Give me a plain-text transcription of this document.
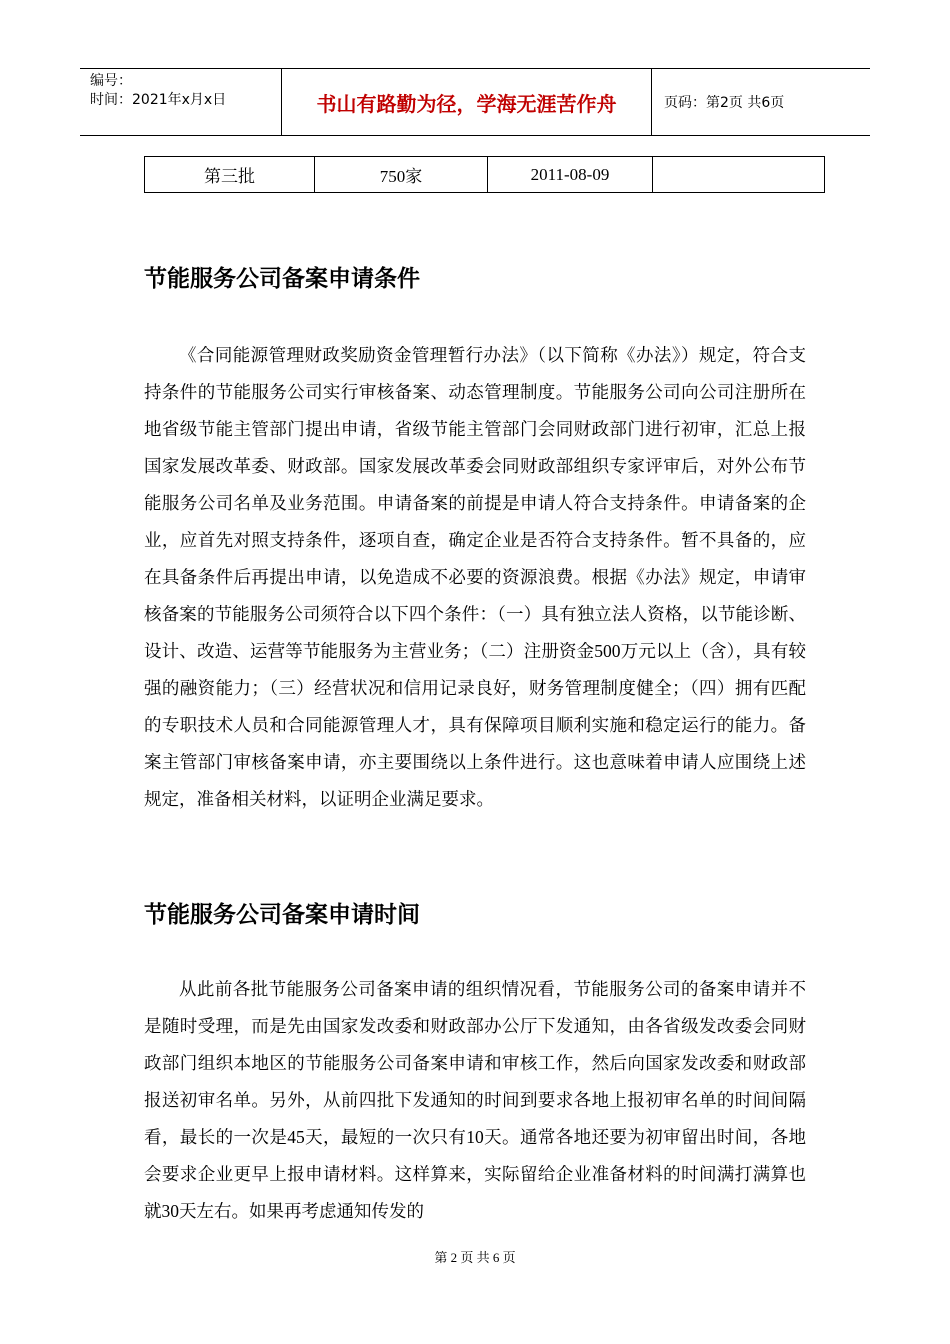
编号：
时间：2021年x月x日	书山有路勤为径，学海无涯苦作舟	页码：第2页 共6页
第三批	750家	2011-08-09	
节能服务公司备案申请条件

《合同能源管理财政奖励资金管理暂行办法》（以下简称《办法》）规定，符合支持条件的节能服务公司实行审核备案、动态管理制度。节能服务公司向公司注册所在地省级节能主管部门提出申请，省级节能主管部门会同财政部门进行初审，汇总上报国家发展改革委、财政部。国家发展改革委会同财政部组织专家评审后，对外公布节能服务公司名单及业务范围。申请备案的前提是申请人符合支持条件。申请备案的企业，应首先对照支持条件，逐项自查，确定企业是否符合支持条件。暂不具备的，应在具备条件后再提出申请，以免造成不必要的资源浪费。根据《办法》规定，申请审核备案的节能服务公司须符合以下四个条件：（一）具有独立法人资格，以节能诊断、设计、改造、运营等节能服务为主营业务；（二）注册资金500万元以上（含），具有较强的融资能力；（三）经营状况和信用记录良好，财务管理制度健全；（四）拥有匹配的专职技术人员和合同能源管理人才，具有保障项目顺利实施和稳定运行的能力。备案主管部门审核备案申请，亦主要围绕以上条件进行。这也意味着申请人应围绕上述规定，准备相关材料，以证明企业满足要求。

节能服务公司备案申请时间

从此前各批节能服务公司备案申请的组织情况看，节能服务公司的备案申请并不是随时受理，而是先由国家发改委和财政部办公厅下发通知，由各省级发改委会同财政部门组织本地区的节能服务公司备案申请和审核工作，然后向国家发改委和财政部报送初审名单。另外，从前四批下发通知的时间到要求各地上报初审名单的时间间隔看，最长的一次是45天，最短的一次只有10天。通常各地还要为初审留出时间，各地会要求企业更早上报申请材料。这样算来，实际留给企业准备材料的时间满打满算也就30天左右。如果再考虑通知传发的

第 2 页 共 6 页
